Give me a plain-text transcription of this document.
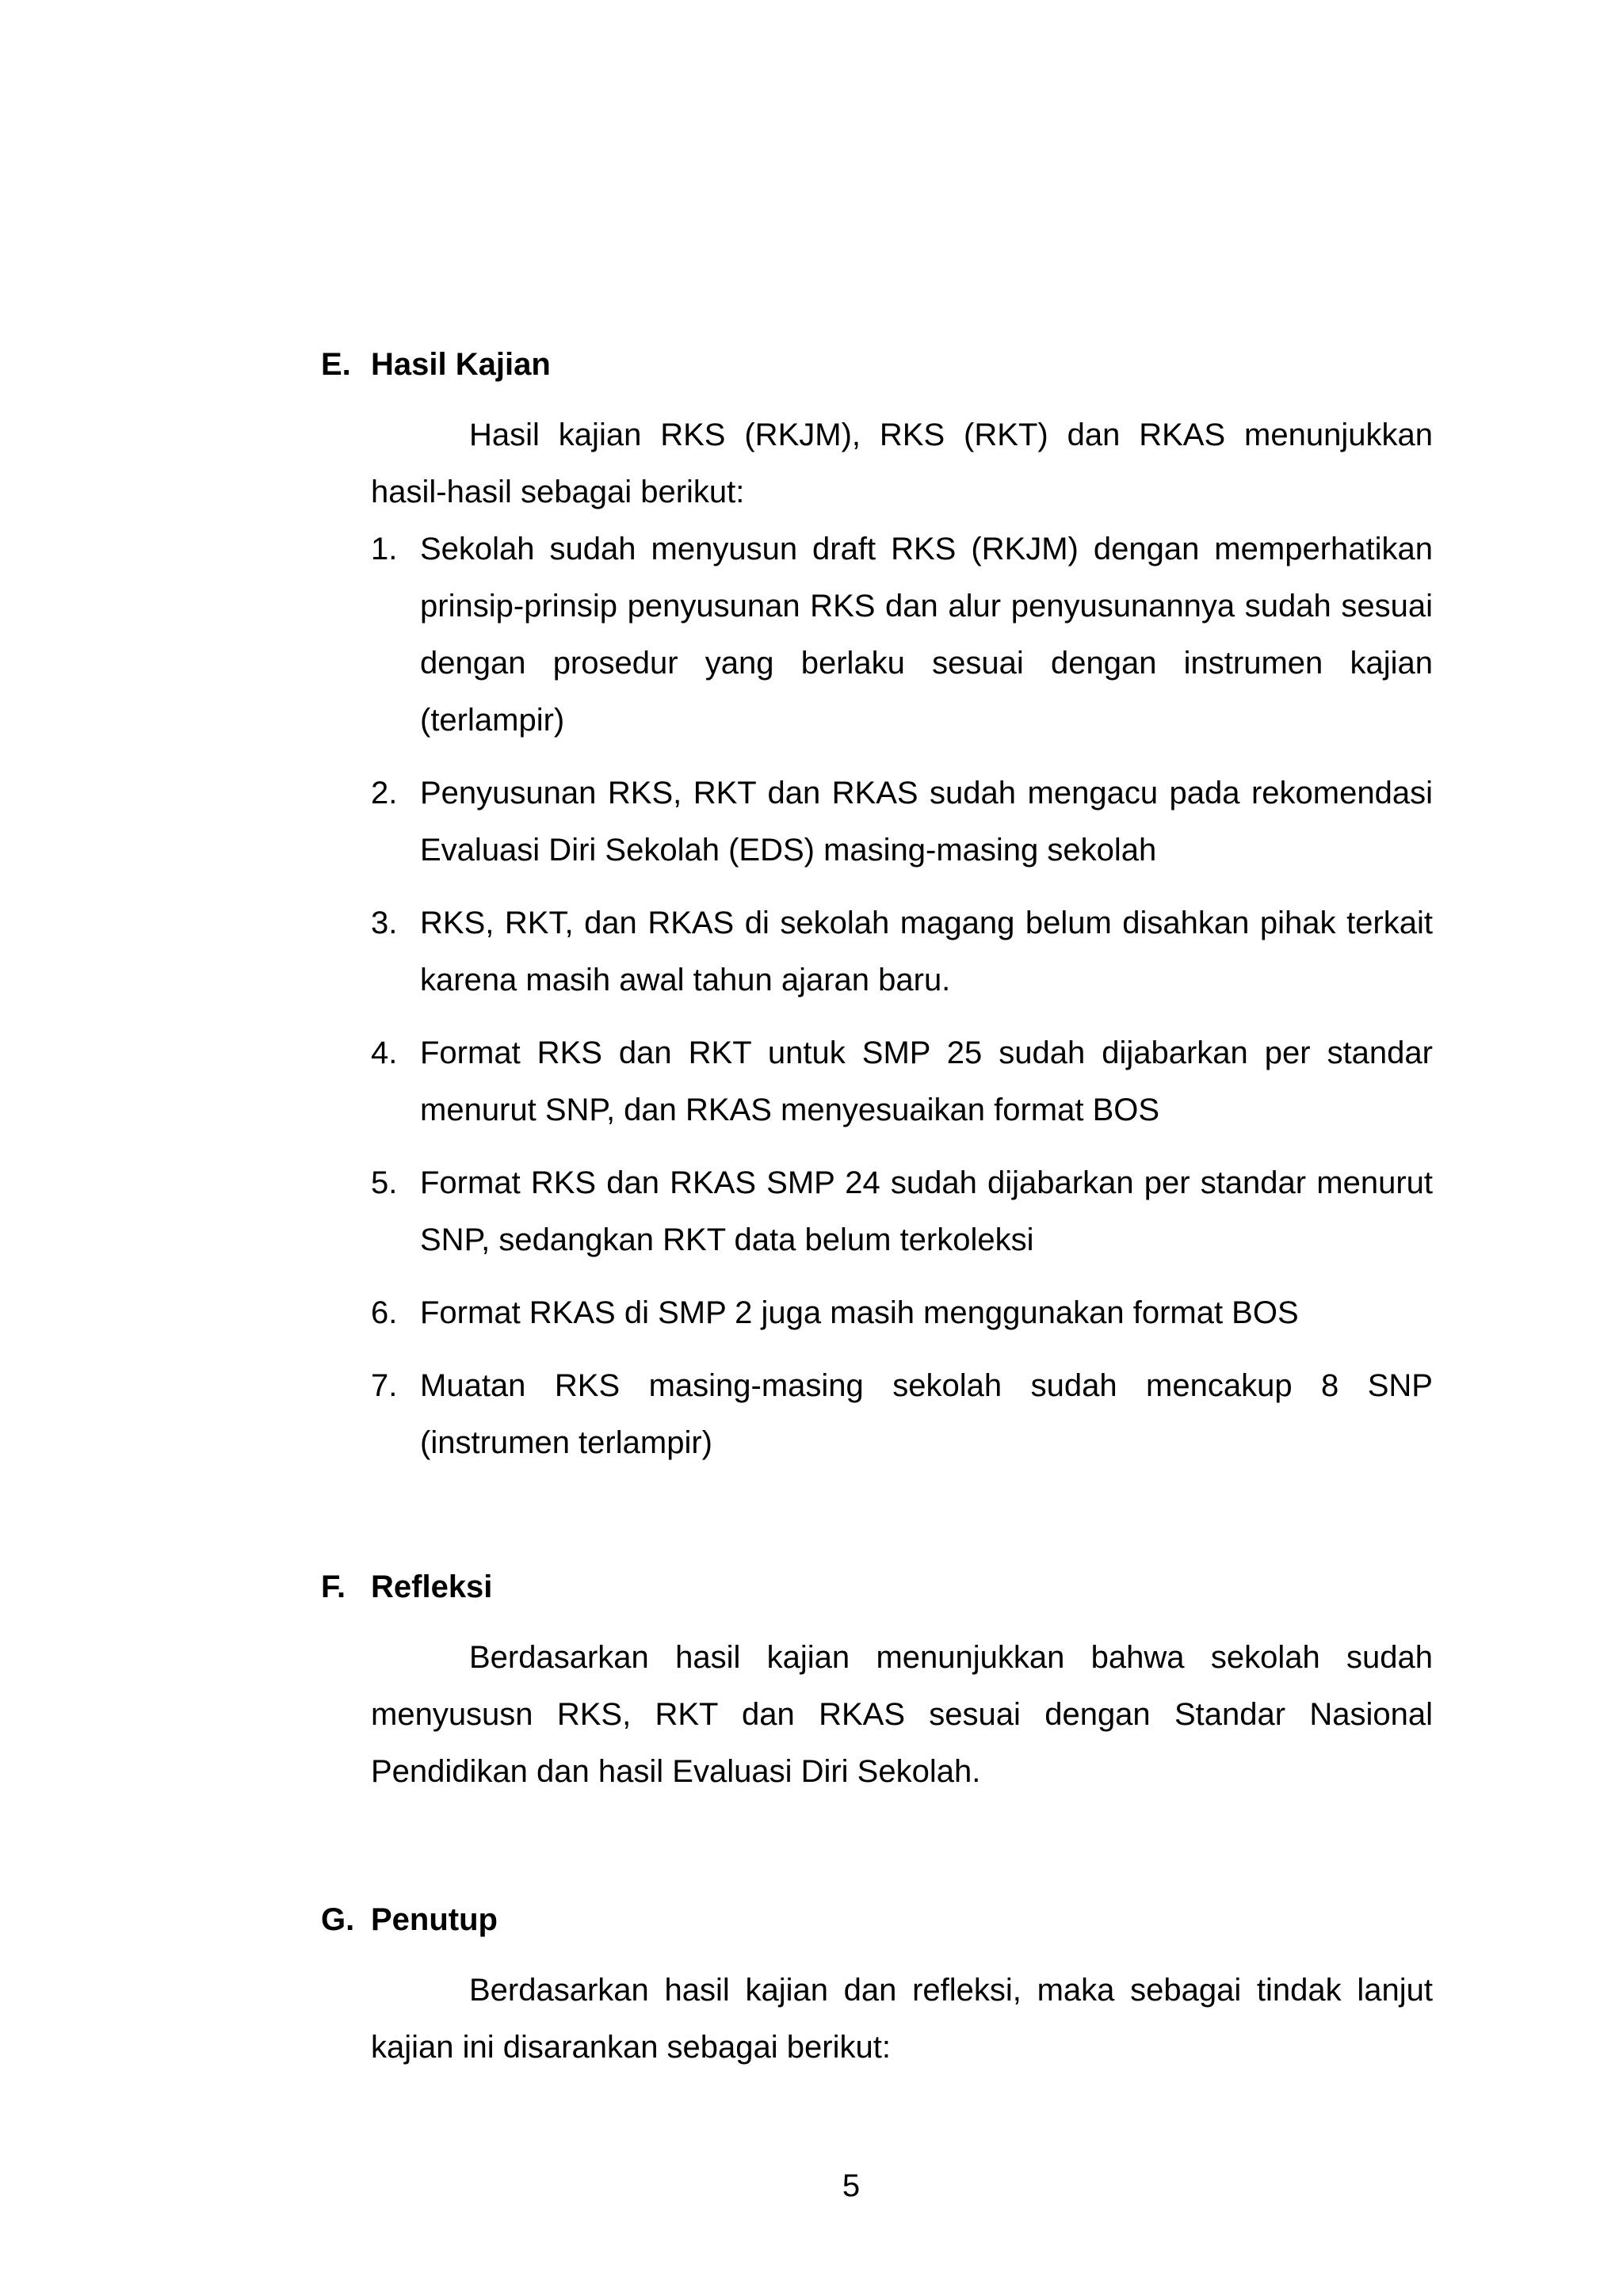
E. Hasil Kajian
Hasil kajian RKS (RKJM), RKS (RKT) dan RKAS menunjukkan hasil-hasil sebagai berikut:
1. Sekolah sudah menyusun draft RKS (RKJM) dengan memperhatikan prinsip-prinsip penyusunan RKS dan alur penyusunannya sudah sesuai dengan prosedur yang berlaku sesuai dengan instrumen kajian (terlampir)
2. Penyusunan RKS, RKT dan RKAS sudah mengacu pada rekomendasi Evaluasi Diri Sekolah (EDS) masing-masing sekolah
3. RKS, RKT, dan RKAS di sekolah magang belum disahkan pihak terkait karena masih awal tahun ajaran baru.
4. Format RKS dan RKT untuk SMP 25 sudah dijabarkan per standar menurut SNP, dan RKAS menyesuaikan format BOS
5. Format RKS dan RKAS SMP 24 sudah dijabarkan per standar menurut SNP, sedangkan RKT data belum terkoleksi
6. Format RKAS di SMP 2 juga masih menggunakan format BOS
7. Muatan RKS masing-masing sekolah sudah mencakup 8 SNP (instrumen terlampir)
F. Refleksi
Berdasarkan hasil kajian menunjukkan bahwa sekolah sudah menyususn RKS, RKT dan RKAS sesuai dengan Standar Nasional Pendidikan dan hasil Evaluasi Diri Sekolah.
G. Penutup
Berdasarkan hasil kajian dan refleksi, maka sebagai tindak lanjut kajian ini disarankan sebagai berikut:
5
